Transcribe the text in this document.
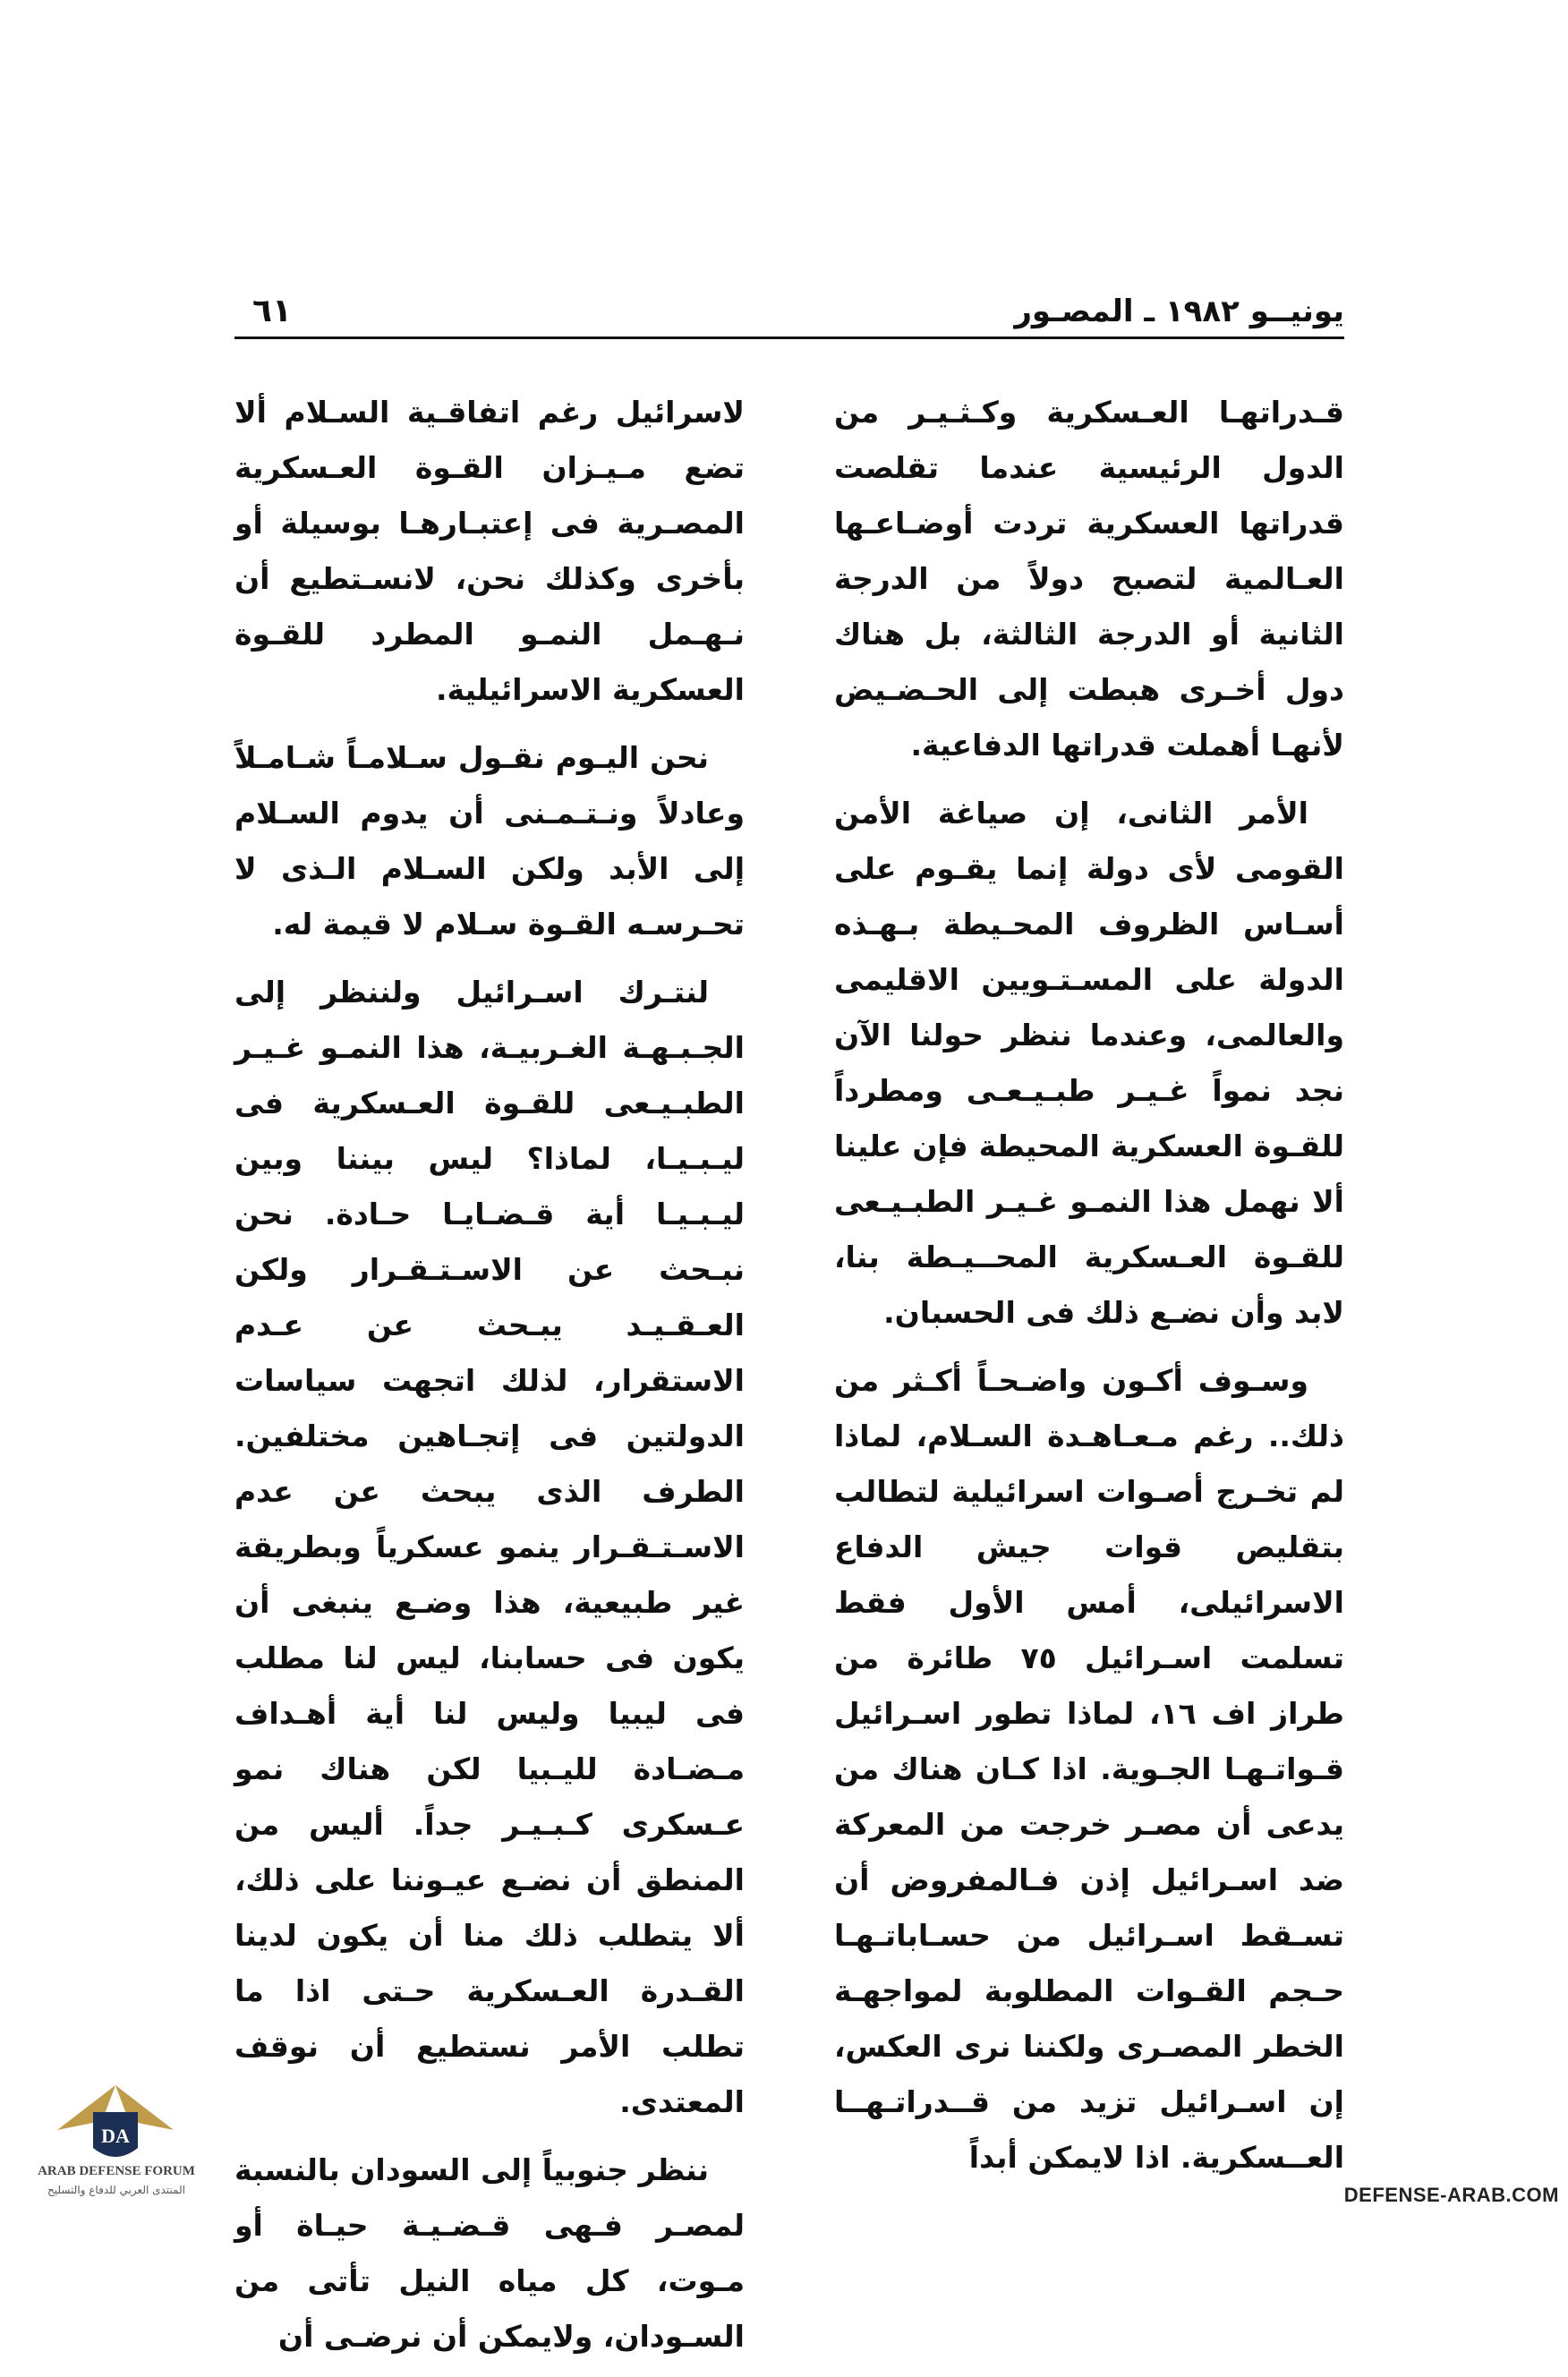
يونيــو ١٩٨٢ ـ المصـور
٦١

قـدراتهـا العـسكرية وكـثـيـر من الدول الرئيسية عندما تقلصت قدراتها العسكرية تردت أوضـاعـها العـالمية لتصبح دولاً من الدرجة الثانية أو الدرجة الثالثة، بل هناك دول أخـرى هبطت إلى الحـضـيض لأنهـا أهملت قدراتها الدفاعية.

الأمر الثانى، إن صياغة الأمن القومى لأى دولة إنما يقـوم على أسـاس الظروف المحـيطة بـهـذه الدولة على المسـتـويين الاقليمى والعالمى، وعندما ننظر حولنا الآن نجد نمواً غـيـر طبـيـعـى ومطرداً للقـوة العسكرية المحيطة فإن علينا ألا نهمل هذا النمـو غـيـر الطبـيـعى للقـوة العـسكرية المحــيـطة بنا، لابد وأن نضـع ذلك فى الحسبان.

وسـوف أكـون واضـحـاً أكـثر من ذلك.. رغم مـعـاهـدة السـلام، لماذا لم تخـرج أصـوات اسرائيلية لتطالب بتقليص قوات جيش الدفاع الاسرائيلى، أمس الأول فقط تسلمت اسـرائيل ٧٥ طائرة من طراز اف ١٦، لماذا تطور اسـرائيل قـواتـهـا الجـوية. اذا كـان هناك من يدعى أن مصـر خرجت من المعركة ضد اسـرائيل إذن فـالمفروض أن تسـقط اسـرائيل من حسـاباتـهـا حـجم القـوات المطلوبة لمواجهـة الخطر المصـرى ولكننا نرى العكس، إن اسـرائيل تزيد من قــدراتـهــا العــسكرية. اذا لايمكن أبداً

لاسرائيل رغم اتفاقـية السـلام ألا تضع مـيـزان القـوة العـسكرية المصـرية فى إعتبـارهـا بوسيلة أو بأخرى وكذلك نحن، لانسـتطيع أن نـهـمل النمـو المطرد للقـوة العسكرية الاسرائيلية.

نحن اليـوم نقـول سـلامـاً شـامـلاً وعادلاً ونـتـمـنى أن يدوم السـلام إلى الأبد ولكن السـلام الـذى لا تحـرسـه القـوة سـلام لا قيمة له.

لنتـرك اسـرائيل ولننظر إلى الجـبـهـة الغـربيـة، هذا النمـو غـيـر الطبـيـعى للقـوة العـسكرية فى ليـبـيـا، لماذا؟ ليس بيننا وبين ليـبـيـا أية قـضـايـا حـادة. نحن نبـحث عن الاسـتـقـرار ولكن العـقـيـد يبـحث عن عـدم الاستقرار، لذلك اتجهت سياسات الدولتين فى إتجـاهين مختلفين. الطرف الذى يبحث عن عدم الاسـتـقـرار ينمو عسكرياً وبطريقة غير طبيعية، هذا وضـع ينبغى أن يكون فى حسابنا، ليس لنا مطلب فى ليبيا وليس لنا أية أهـداف مـضـادة لليـبيا لكن هناك نمو عـسكرى كـبـيـر جداً. أليس من المنطق أن نضـع عيـوننا على ذلك، ألا يتطلب ذلك منا أن يكون لدينا القـدرة العـسكرية حـتى اذا ما تطلب الأمر نستطيع أن نوقف المعتدى.

ننظر جنوبياً إلى السودان بالنسبة لمصـر فـهى قـضـيـة حيـاة أو مـوت، كل مياه النيل تأتى من السـودان، ولايمكن أن نرضـى أن

DA
ARAB DEFENSE FORUM
المنتدى العربي للدفاع والتسليح	DEFENSE-ARAB.COM
